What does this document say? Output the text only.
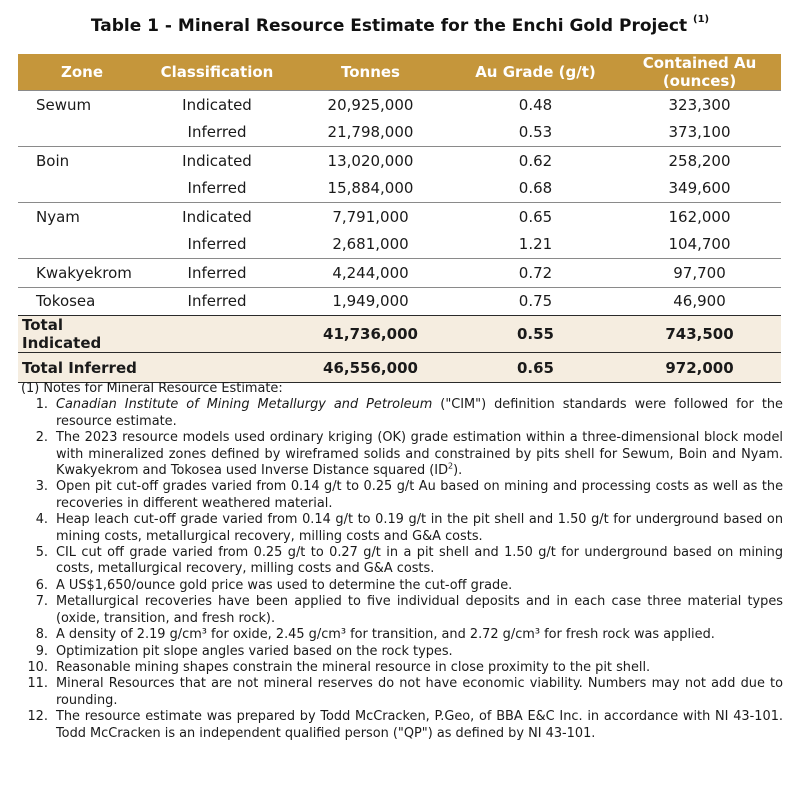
Table 1 - Mineral Resource Estimate for the Enchi Gold Project $^{(1)}$
Zone	Classification	Tonnes	Au Grade (g/t)	Contained Au (ounces)
Sewum	Indicated	20,925,000	0.48	323,300
	Inferred	21,798,000	0.53	373,100
Boin	Indicated	13,020,000	0.62	258,200
	Inferred	15,884,000	0.68	349,600
Nyam	Indicated	7,791,000	0.65	162,000
	Inferred	2,681,000	1.21	104,700
Kwakyekrom	Inferred	4,244,000	0.72	97,700
Tokosea	Inferred	1,949,000	0.75	46,900
Total Indicated		41,736,000	0.55	743,500
Total Inferred		46,556,000	0.65	972,000

(1) Notes for Mineral Resource Estimate:

1. Canadian Institute of Mining Metallurgy and Petroleum ("CIM") definition standards were followed for the resource estimate.
2. The 2023 resource models used ordinary kriging (OK) grade estimation within a three-dimensional block model with mineralized zones defined by wireframed solids and constrained by pits shell for Sewum, Boin and Nyam. Kwakyekrom and Tokosea used Inverse Distance squared $(ID^2)$.
3. Open pit cut-off grades varied from 0.14 g/t to 0.25 g/t Au based on mining and processing costs as well as the recoveries in different weathered material.
4. Heap leach cut-off grade varied from 0.14 g/t to 0.19 g/t in the pit shell and 1.50 g/t for underground based on mining costs, metallurgical recovery, milling costs and G&A costs.
5. CIL cut off grade varied from 0.25 g/t to 0.27 g/t in a pit shell and 1.50 g/t for underground based on mining costs, metallurgical recovery, milling costs and G&A costs.
6. A US$1,650/ounce gold price was used to determine the cut-off grade.
7. Metallurgical recoveries have been applied to five individual deposits and in each case three material types (oxide, transition, and fresh rock).
8. A density of 2.19 g/cm³ for oxide, 2.45 g/cm³ for transition, and 2.72 g/cm³ for fresh rock was applied.
9. Optimization pit slope angles varied based on the rock types.
10. Reasonable mining shapes constrain the mineral resource in close proximity to the pit shell.
11. Mineral Resources that are not mineral reserves do not have economic viability. Numbers may not add due to rounding.
12. The resource estimate was prepared by Todd McCracken, P.Geo, of BBA E&C Inc. in accordance with NI 43-101. Todd McCracken is an independent qualified person ("QP") as defined by NI 43-101.
